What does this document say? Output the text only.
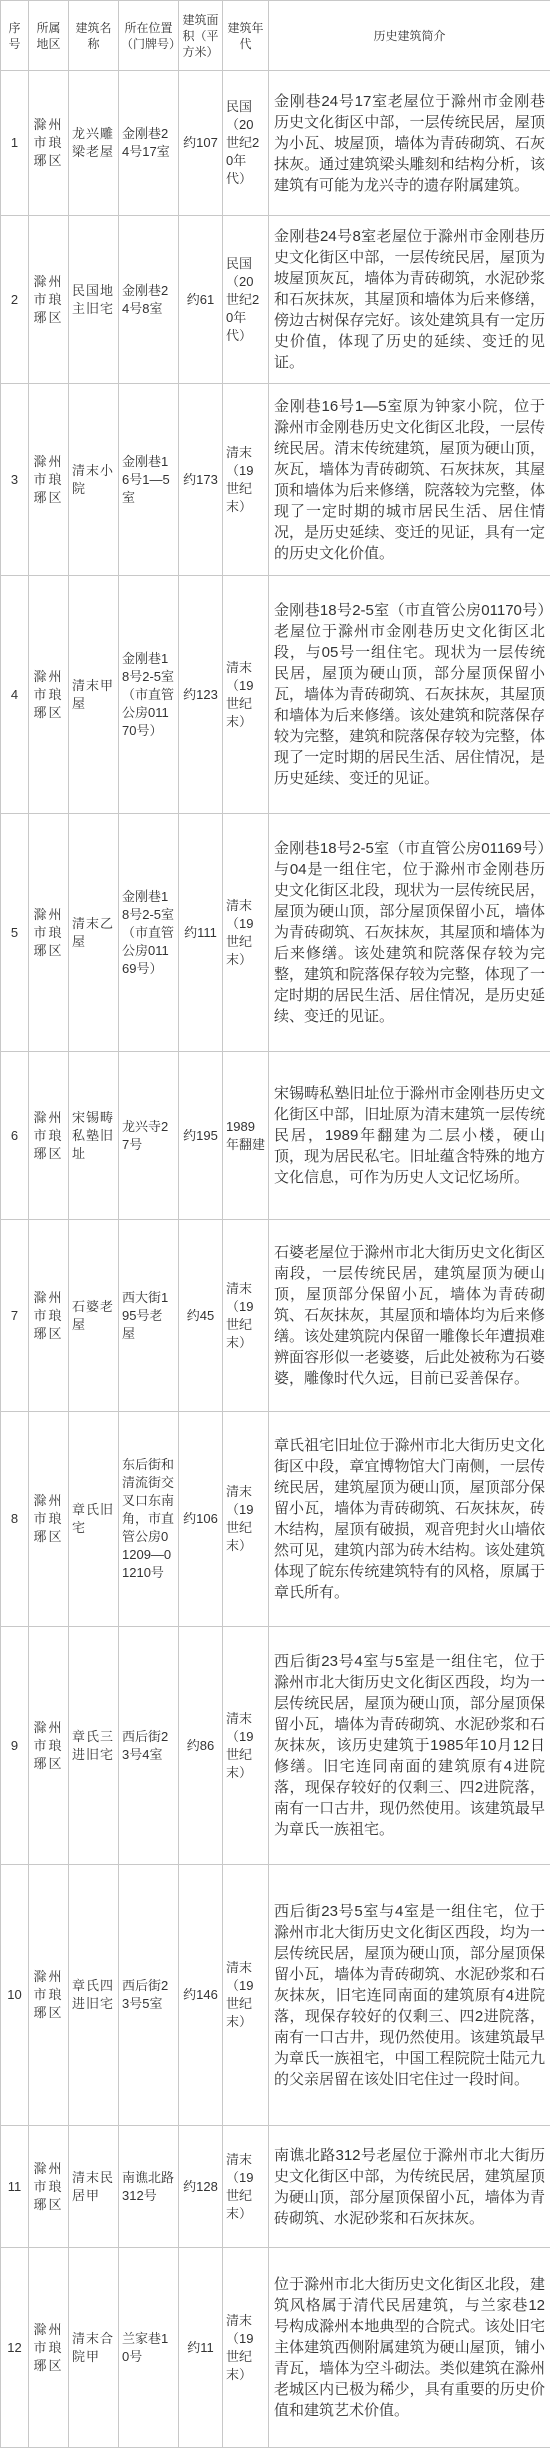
序号	所属地区	建筑名称	所在位置（门牌号）	建筑面积（平方米）	建筑年代	历史建筑简介
1	滁州市琅琊区	龙兴雕梁老屋	金刚巷24号17室	约107	民国（20世纪20年代）	金刚巷24号17室老屋位于滁州市金刚巷历史文化街区中部，一层传统民居，屋顶为小瓦、坡屋顶，墙体为青砖砌筑、石灰抹灰。通过建筑梁头雕刻和结构分析，该建筑有可能为龙兴寺的遗存附属建筑。
2	滁州市琅琊区	民国地主旧宅	金刚巷24号8室	约61	民国（20世纪20年代）	金刚巷24号8室老屋位于滁州市金刚巷历史文化街区中部，一层传统民居，屋顶为坡屋顶灰瓦，墙体为青砖砌筑，水泥砂浆和石灰抹灰，其屋顶和墙体为后来修缮，傍边古树保存完好。该处建筑具有一定历史价值，体现了历史的延续、变迁的见证。
3	滁州市琅琊区	清末小院	金刚巷16号1—5室	约173	清末（19世纪末）	金刚巷16号1—5室原为钟家小院，位于滁州市金刚巷历史文化街区北段，一层传统民居。清末传统建筑，屋顶为硬山顶，灰瓦，墙体为青砖砌筑、石灰抹灰，其屋顶和墙体为后来修缮，院落较为完整，体现了一定时期的城市居民生活、居住情况，是历史延续、变迁的见证，具有一定的历史文化价值。
4	滁州市琅琊区	清末甲屋	金刚巷18号2-5室（市直管公房01170号）	约123	清末（19世纪末）	金刚巷18号2-5室（市直管公房01170号）老屋位于滁州市金刚巷历史文化街区北段，与05号一组住宅。现状为一层传统民居，屋顶为硬山顶，部分屋顶保留小瓦，墙体为青砖砌筑、石灰抹灰，其屋顶和墙体为后来修缮。该处建筑和院落保存较为完整，建筑和院落保存较为完整，体现了一定时期的居民生活、居住情况，是历史延续、变迁的见证。
5	滁州市琅琊区	清末乙屋	金刚巷18号2-5室（市直管公房01169号）	约111	清末（19世纪末）	金刚巷18号2-5室（市直管公房01169号）与04是一组住宅，位于滁州市金刚巷历史文化街区北段，现状为一层传统民居，屋顶为硬山顶，部分屋顶保留小瓦，墙体为青砖砌筑、石灰抹灰，其屋顶和墙体为后来修缮。该处建筑和院落保存较为完整，建筑和院落保存较为完整，体现了一定时期的居民生活、居住情况，是历史延续、变迁的见证。
6	滁州市琅琊区	宋锡畴私塾旧址	龙兴寺27号	约195	1989年翻建	宋锡畴私塾旧址位于滁州市金刚巷历史文化街区中部，旧址原为清末建筑一层传统民居，1989年翻建为二层小楼，硬山顶，现为居民私宅。旧址蕴含特殊的地方文化信息，可作为历史人文记忆场所。
7	滁州市琅琊区	石婆老屋	西大街195号老屋	约45	清末（19世纪末）	石婆老屋位于滁州市北大街历史文化街区南段，一层传统民居，建筑屋顶为硬山顶，屋顶部分保留小瓦，墙体为青砖砌筑、石灰抹灰，其屋顶和墙体均为后来修缮。该处建筑院内保留一雕像长年遭损难辨面容形似一老婆婆，后此处被称为石婆婆，雕像时代久远，目前已妥善保存。
8	滁州市琅琊区	章氏旧宅	东后街和清流街交叉口东南角，市直管公房01209—01210号	约106	清末（19世纪末）	章氏祖宅旧址位于滁州市北大街历史文化街区中段，章宜博物馆大门南侧，一层传统民居，建筑屋顶为硬山顶，屋顶部分保留小瓦，墙体为青砖砌筑、石灰抹灰，砖木结构，屋顶有破损，观音兜封火山墙依然可见，建筑内部为砖木结构。该处建筑体现了皖东传统建筑特有的风格，原属于章氏所有。
9	滁州市琅琊区	章氏三进旧宅	西后街23号4室	约86	清末（19世纪末）	西后街23号4室与5室是一组住宅，位于滁州市北大街历史文化街区西段，均为一层传统民居，屋顶为硬山顶，部分屋顶保留小瓦，墙体为青砖砌筑、水泥砂浆和石灰抹灰，该历史建筑于1985年10月12日修缮。旧宅连同南面的建筑原有4进院落，现保存较好的仅剩三、四2进院落，南有一口古井，现仍然使用。该建筑最早为章氏一族祖宅。
10	滁州市琅琊区	章氏四进旧宅	西后街23号5室	约146	清末（19世纪末）	西后街23号5室与4室是一组住宅，位于滁州市北大街历史文化街区西段，均为一层传统民居，屋顶为硬山顶，部分屋顶保留小瓦，墙体为青砖砌筑、水泥砂浆和石灰抹灰，旧宅连同南面的建筑原有4进院落，现保存较好的仅剩三、四2进院落，南有一口古井，现仍然使用。该建筑最早为章氏一族祖宅，中国工程院院士陆元九的父亲居留在该处旧宅住过一段时间。
11	滁州市琅琊区	清末民居甲	南谯北路312号	约128	清末（19世纪末）	南谯北路312号老屋位于滁州市北大街历史文化街区中部，为传统民居，建筑屋顶为硬山顶，部分屋顶保留小瓦，墙体为青砖砌筑、水泥砂浆和石灰抹灰。
12	滁州市琅琊区	清末合院甲	兰家巷10号	约11	清末（19世纪末）	位于滁州市北大街历史文化街区北段，建筑风格属于清代民居建筑，与兰家巷12号构成滁州本地典型的合院式。该处旧宅主体建筑西侧附属建筑为硬山屋顶，铺小青瓦，墙体为空斗砌法。类似建筑在滁州老城区内已极为稀少，具有重要的历史价值和建筑艺术价值。
